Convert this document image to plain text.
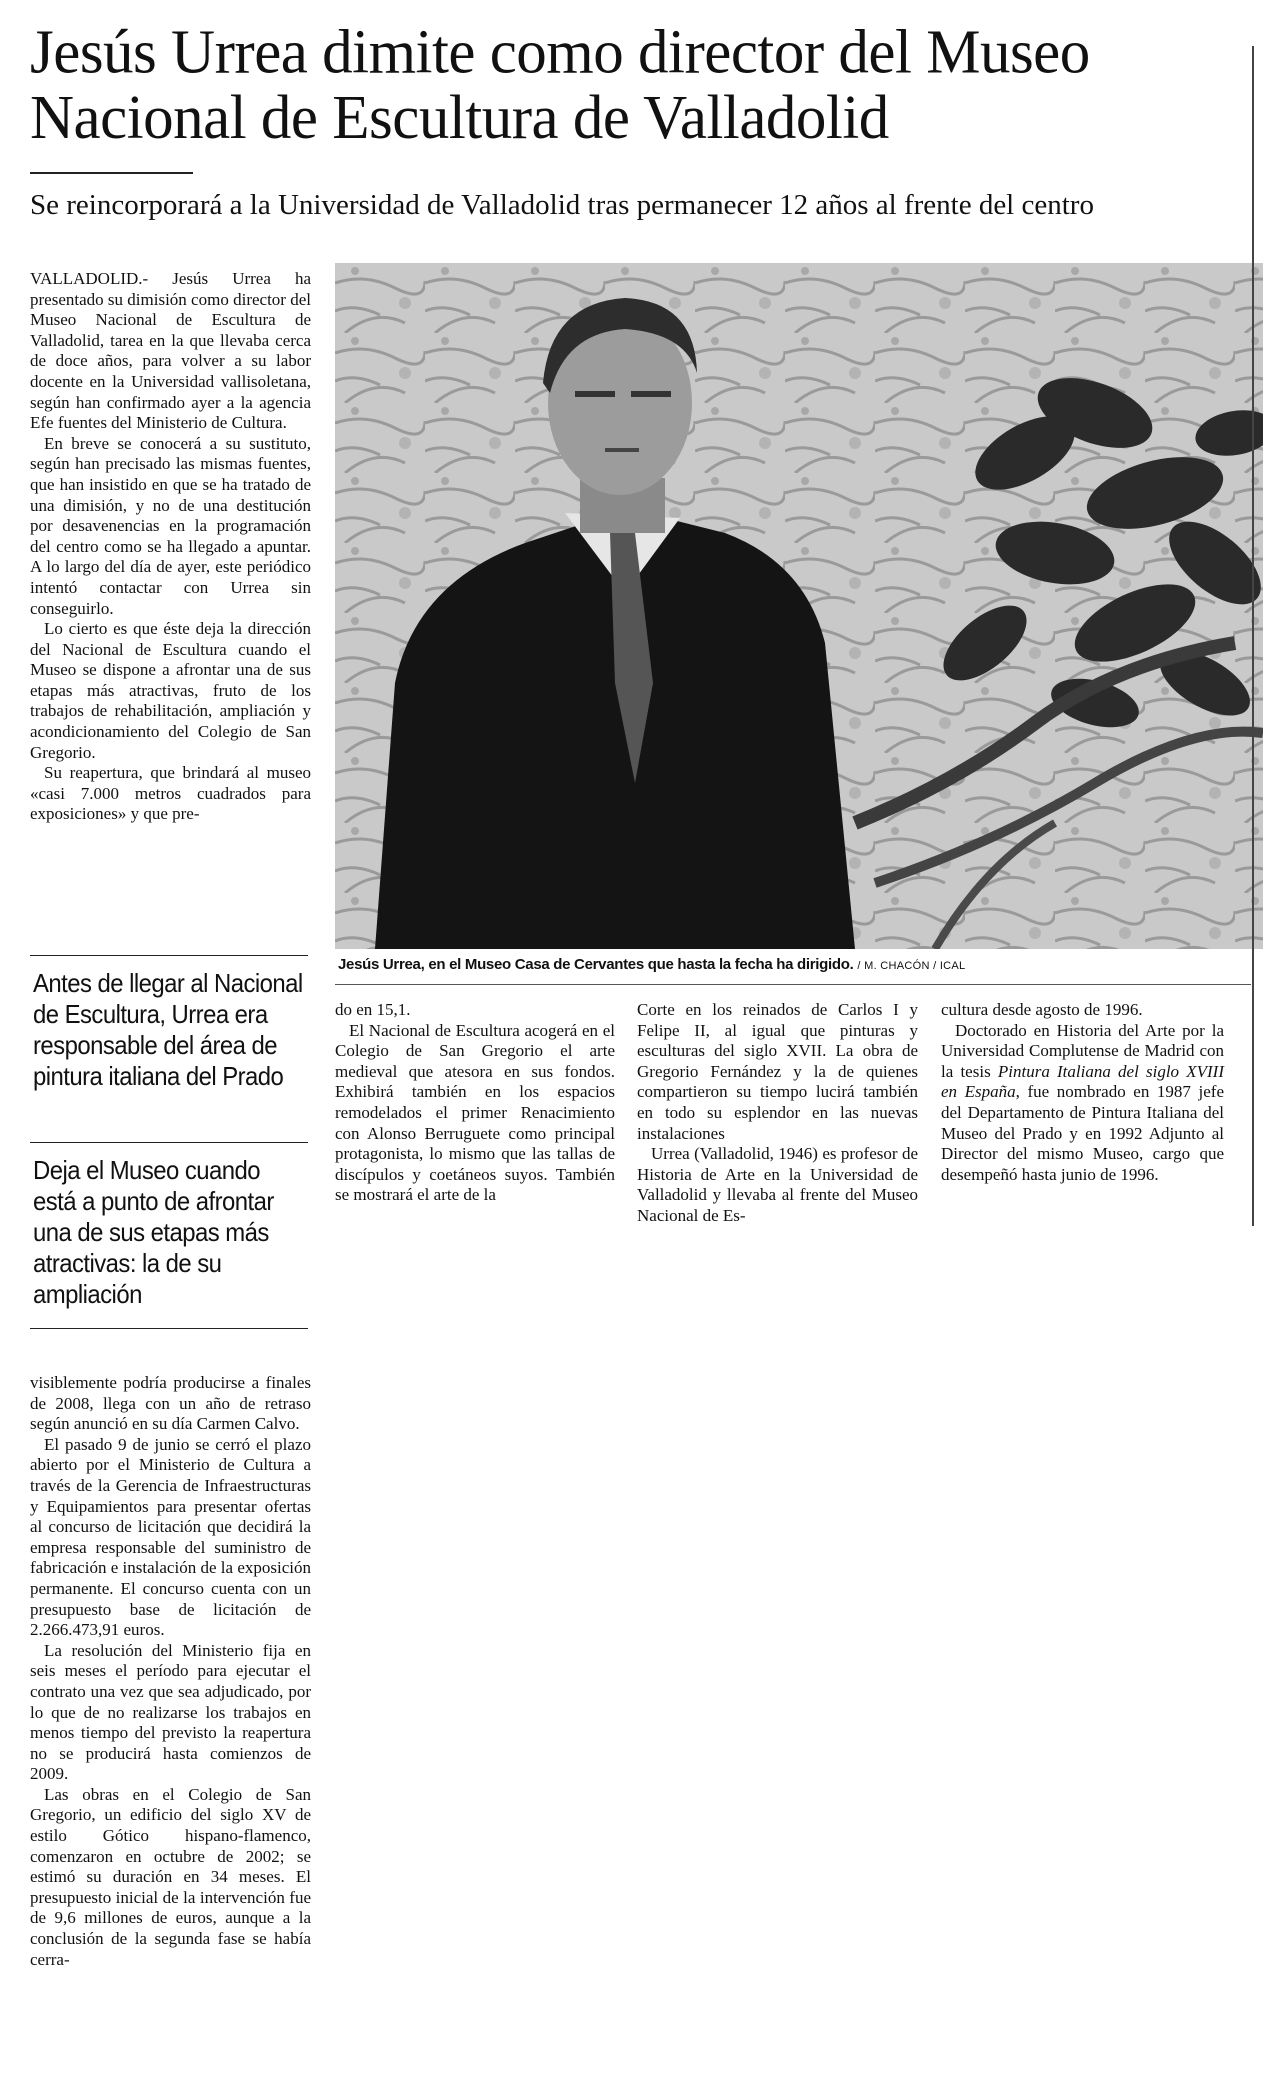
Jesús Urrea dimite como director del Museo
Nacional de Escultura de Valladolid
Se reincorporará a la Universidad de Valladolid tras permanecer 12 años al frente del centro

VALLADOLID.- Jesús Urrea ha presentado su dimisión como director del Museo Nacional de Escultura de Valladolid, tarea en la que llevaba cerca de doce años, para volver a su labor docente en la Universidad vallisoletana, según han confirmado ayer a la agencia Efe fuentes del Ministerio de Cultura.

En breve se conocerá a su sustituto, según han precisado las mismas fuentes, que han insistido en que se ha tratado de una dimisión, y no de una destitución por desavenencias en la programación del centro como se ha llegado a apuntar. A lo largo del día de ayer, este periódico intentó contactar con Urrea sin conseguirlo.

Lo cierto es que éste deja la dirección del Nacional de Escultura cuando el Museo se dispone a afrontar una de sus etapas más atractivas, fruto de los trabajos de rehabilitación, ampliación y acondicionamiento del Colegio de San Gregorio.

Su reapertura, que brindará al museo «casi 7.000 metros cuadrados para exposiciones» y que pre-

Antes de llegar al Nacional de Escultura, Urrea era responsable del área de pintura italiana del Prado
Deja el Museo cuando está a punto de afrontar una de sus etapas más atractivas: la de su ampliación

visiblemente podría producirse a finales de 2008, llega con un año de retraso según anunció en su día Carmen Calvo.

El pasado 9 de junio se cerró el plazo abierto por el Ministerio de Cultura a través de la Gerencia de Infraestructuras y Equipamientos para presentar ofertas al concurso de licitación que decidirá la empresa responsable del suministro de fabricación e instalación de la exposición permanente. El concurso cuenta con un presupuesto base de licitación de 2.266.473,91 euros.

La resolución del Ministerio fija en seis meses el período para ejecutar el contrato una vez que sea adjudicado, por lo que de no realizarse los trabajos en menos tiempo del previsto la reapertura no se producirá hasta comienzos de 2009.

Las obras en el Colegio de San Gregorio, un edificio del siglo XV de estilo Gótico hispano-flamenco, comenzaron en octubre de 2002; se estimó su duración en 34 meses. El presupuesto inicial de la intervención fue de 9,6 millones de euros, aunque a la conclusión de la segunda fase se había cerra-

Jesús Urrea, en el Museo Casa de Cervantes que hasta la fecha ha dirigido. / M. CHACÓN / ICAL

do en 15,1.

El Nacional de Escultura acogerá en el Colegio de San Gregorio el arte medieval que atesora en sus fondos. Exhibirá también en los espacios remodelados el primer Renacimiento con Alonso Berruguete como principal protagonista, lo mismo que las tallas de discípulos y coetáneos suyos. También se mostrará el arte de la

Corte en los reinados de Carlos I y Felipe II, al igual que pinturas y esculturas del siglo XVII. La obra de Gregorio Fernández y la de quienes compartieron su tiempo lucirá también en todo su esplendor en las nuevas instalaciones

Urrea (Valladolid, 1946) es profesor de Historia de Arte en la Universidad de Valladolid y llevaba al frente del Museo Nacional de Es-

cultura desde agosto de 1996.

Doctorado en Historia del Arte por la Universidad Complutense de Madrid con la tesis Pintura Italiana del siglo XVIII en España, fue nombrado en 1987 jefe del Departamento de Pintura Italiana del Museo del Prado y en 1992 Adjunto al Director del mismo Museo, cargo que desempeñó hasta junio de 1996.
